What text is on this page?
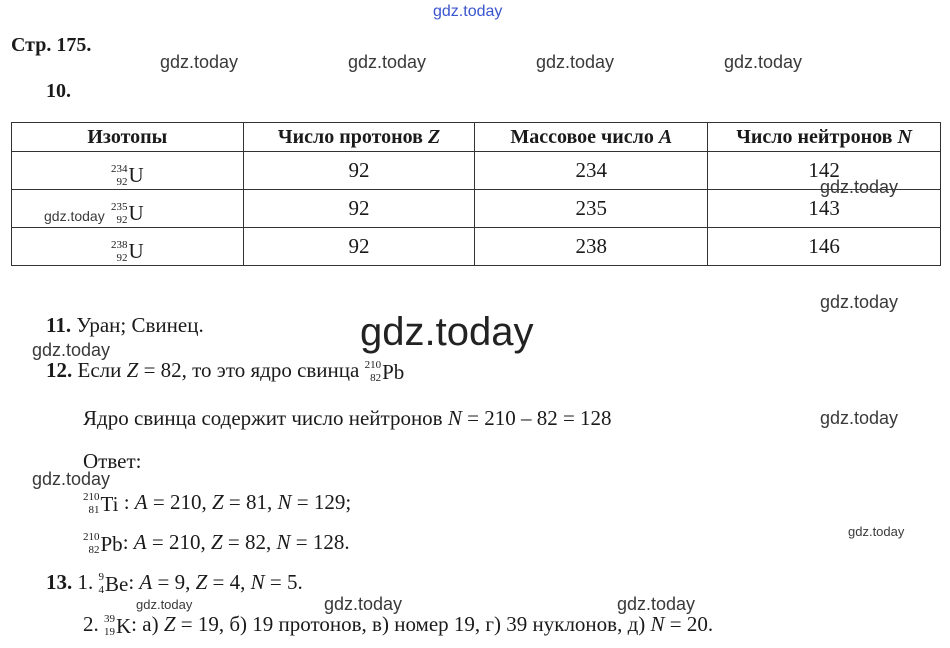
gdz.today
gdz.today	gdz.today	gdz.today	gdz.today
Стр. 175.
10.
Изотопы	Число протонов Z	Массовое число A	Число нейтронов N

234
92 U	92	234	142

235
92 U	92	235	143

238
92 U	92	238	146
gdz.today
gdz.today
gdz.today
11. Уран; Свинец.	gdz.today
gdz.today
12. Если Z = 82, то это ядро свинца 210
82 Pb
Ядро свинца содержит число нейтронов N = 210 – 82 = 128	gdz.today
Ответ:
gdz.today
210
81 Ti : A = 210, Z = 81, N = 129;
210
82 Pb : A = 210, Z = 82, N = 128.	gdz.today
13. 1. 9
4 Be : A = 9, Z = 4, N = 5.
gdz.today	gdz.today	gdz.today
2. 39
19 K : а) Z = 19, б) 19 протонов, в) номер 19, г) 39 нуклонов, д) N = 20.
